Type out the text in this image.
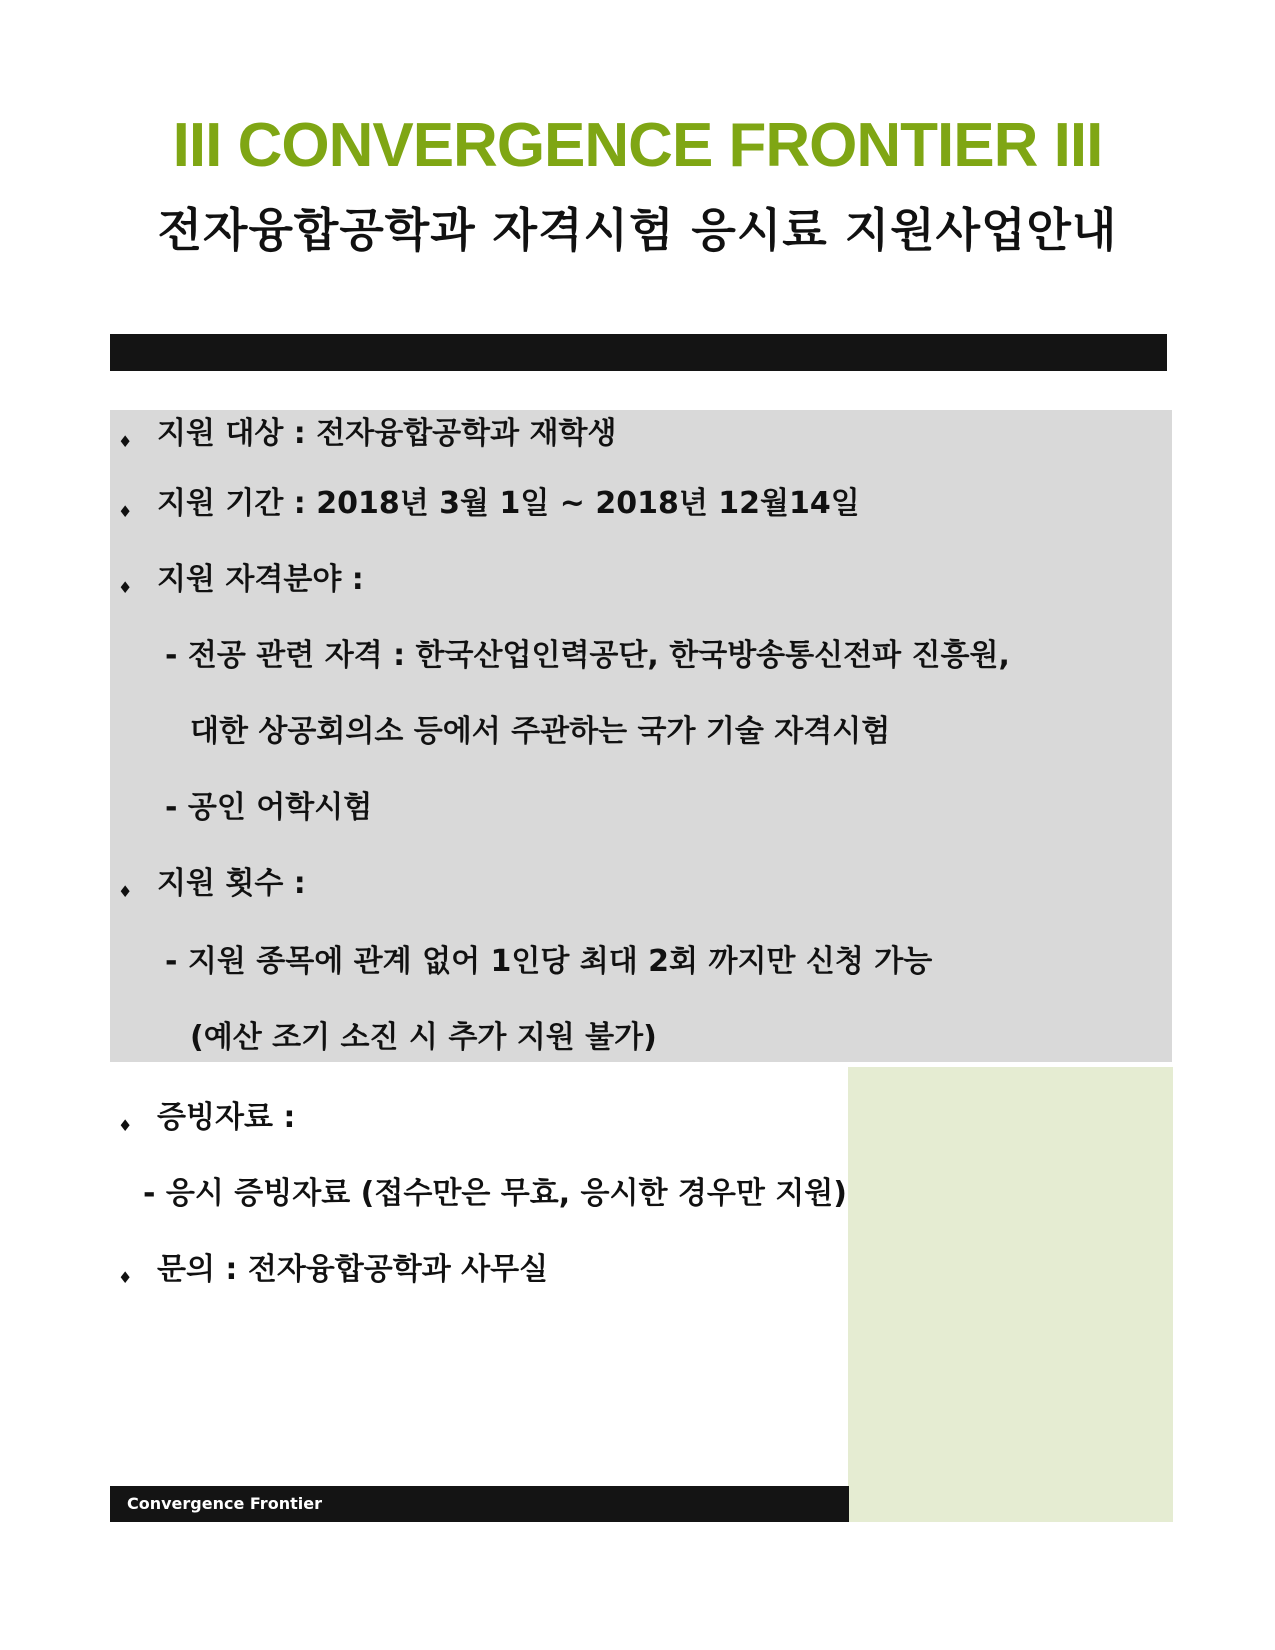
III CONVERGENCE FRONTIER III
전자융합공학과 자격시험 응시료 지원사업안내
♦ 지원 대상 : 전자융합공학과 재학생

♦ 지원 기간 : 2018년 3월 1일 ~ 2018년 12월14일

♦ 지원 자격분야 :

- 전공 관련 자격 : 한국산업인력공단, 한국방송통신전파 진흥원,

대한 상공회의소 등에서 주관하는 국가 기술 자격시험

- 공인 어학시험

♦ 지원 횟수 :

- 지원 종목에 관계 없어 1인당 최대 2회 까지만 신청 가능

(예산 조기 소진 시 추가 지원 불가)

♦ 증빙자료 :

- 응시 증빙자료 (접수만은 무효, 응시한 경우만 지원)

♦ 문의 : 전자융합공학과 사무실

Convergence Frontier
